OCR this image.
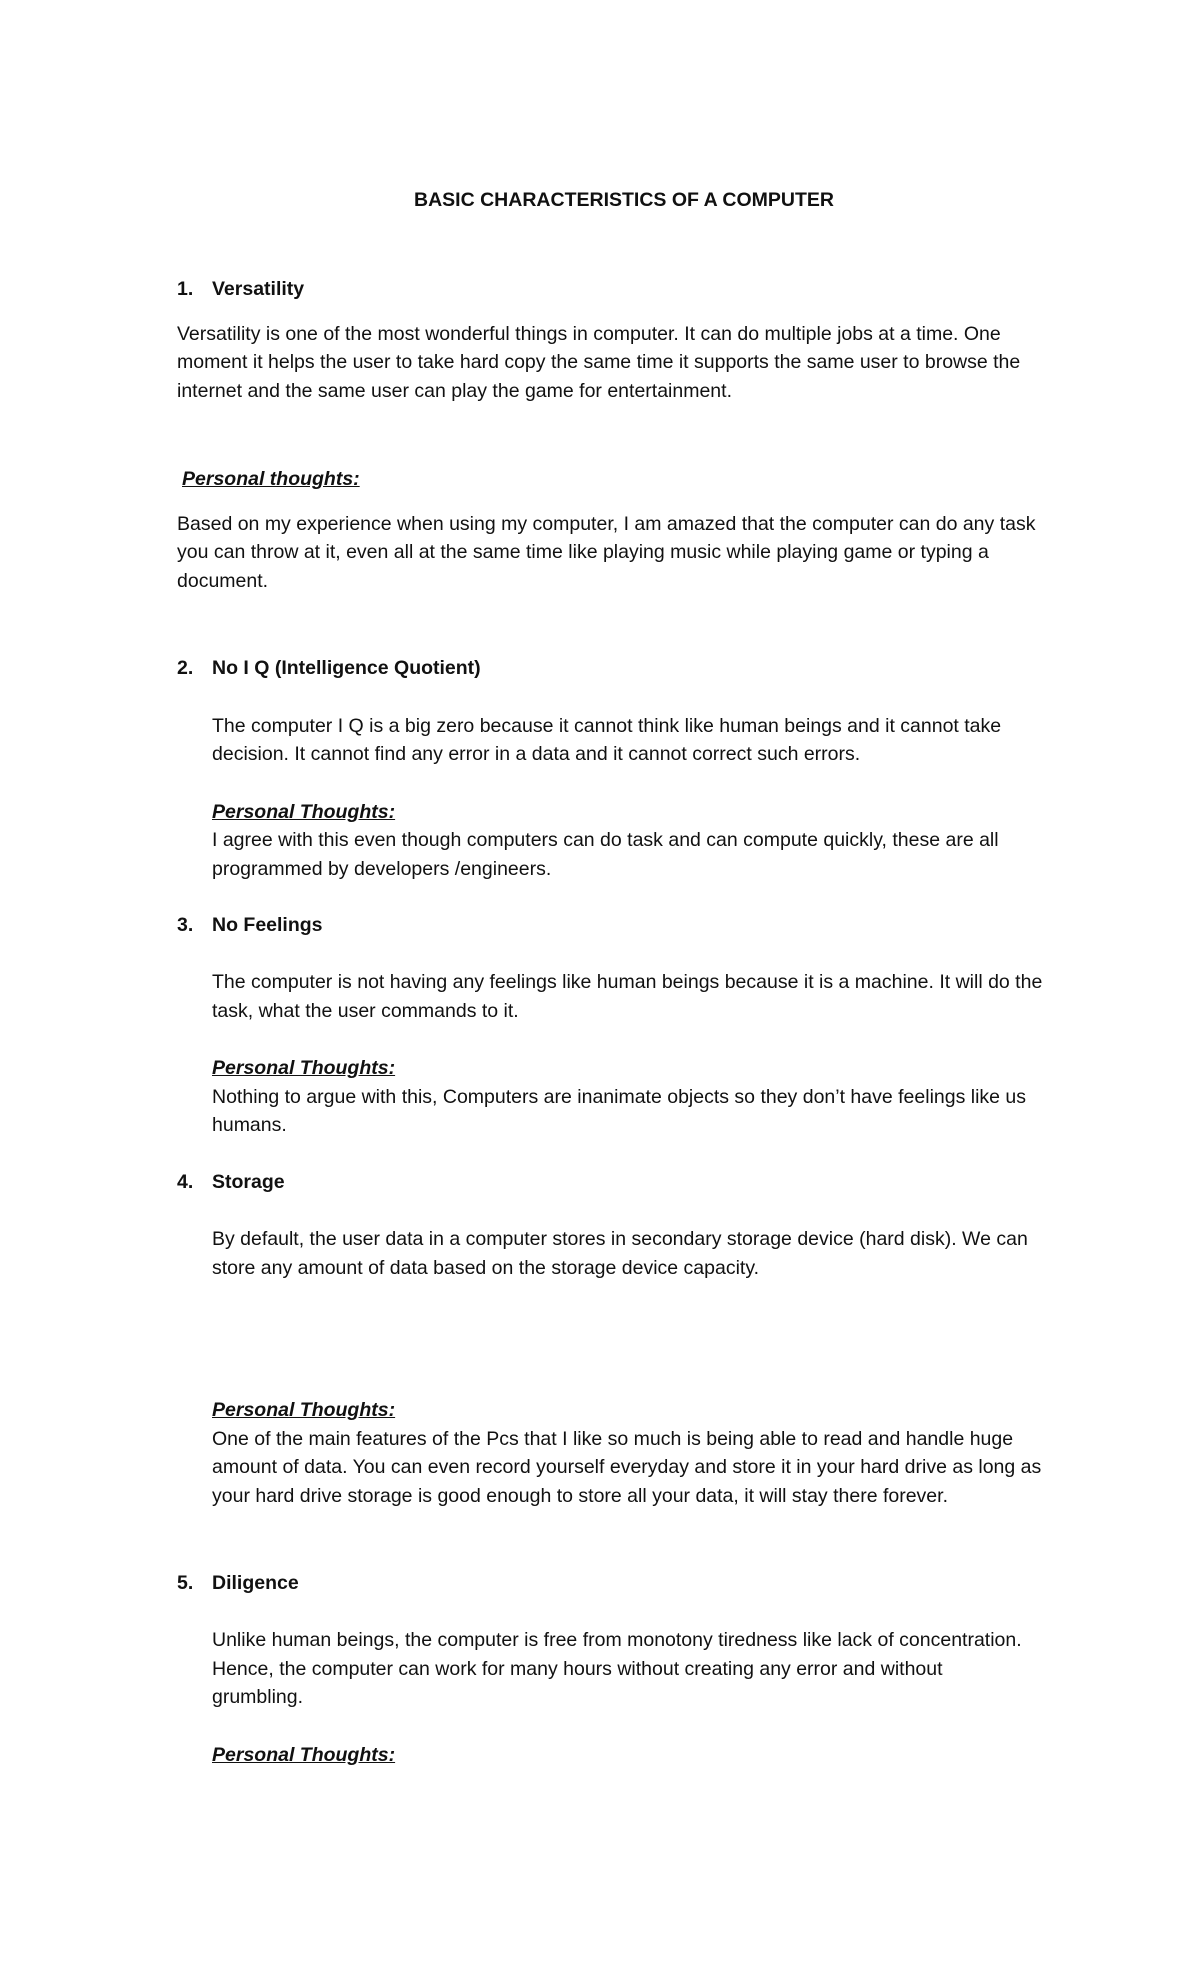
BASIC CHARACTERISTICS OF A COMPUTER
1. Versatility
Versatility is one of the most wonderful things in computer. It can do multiple jobs at a time. One
moment it helps the user to take hard copy the same time it supports the same user to browse the
internet and the same user can play the game for entertainment.
Personal thoughts:
Based on my experience when using my computer, I am amazed that the computer can do any task
you can throw at it, even all at the same time like playing music while playing game or typing a
document.
2. No I Q (Intelligence Quotient)
The computer I Q is a big zero because it cannot think like human beings and it cannot take
decision. It cannot find any error in a data and it cannot correct such errors.
Personal Thoughts:
I agree with this even though computers can do task and can compute quickly, these are all
programmed by developers /engineers.
3. No Feelings
The computer is not having any feelings like human beings because it is a machine. It will do the
task, what the user commands to it.
Personal Thoughts:
Nothing to argue with this, Computers are inanimate objects so they don’t have feelings like us
humans.
4. Storage
By default, the user data in a computer stores in secondary storage device (hard disk). We can
store any amount of data based on the storage device capacity.
Personal Thoughts:
One of the main features of the Pcs that I like so much is being able to read and handle huge
amount of data. You can even record yourself everyday and store it in your hard drive as long as
your hard drive storage is good enough to store all your data, it will stay there forever.
5. Diligence
Unlike human beings, the computer is free from monotony tiredness like lack of concentration.
Hence, the computer can work for many hours without creating any error and without
grumbling.
Personal Thoughts:
